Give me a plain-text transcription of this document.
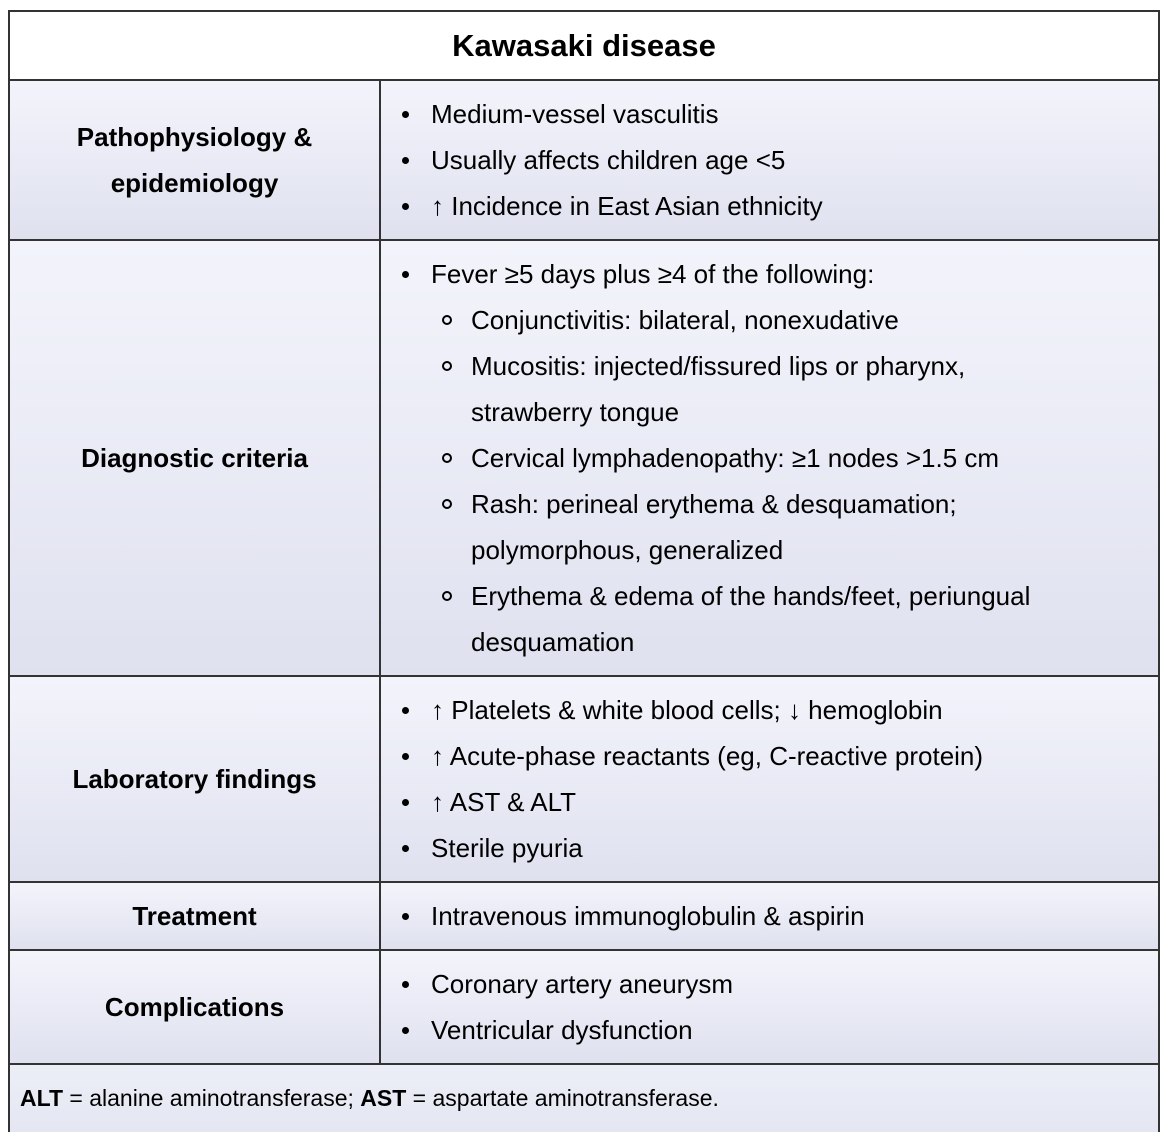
Kawasaki disease
Pathophysiology & epidemiology
Medium-vessel vasculitis
Usually affects children age <5
↑ Incidence in East Asian ethnicity
Diagnostic criteria
Fever ≥5 days plus ≥4 of the following:
Conjunctivitis: bilateral, nonexudative
Mucositis: injected/fissured lips or pharynx, strawberry tongue
Cervical lymphadenopathy: ≥1 nodes >1.5 cm
Rash: perineal erythema & desquamation; polymorphous, generalized
Erythema & edema of the hands/feet, periungual desquamation
Laboratory findings
↑ Platelets & white blood cells; ↓ hemoglobin
↑ Acute-phase reactants (eg, C-reactive protein)
↑ AST & ALT
Sterile pyuria
Treatment	Intravenous immunoglobulin & aspirin
Complications
Coronary artery aneurysm
Ventricular dysfunction
ALT = alanine aminotransferase; AST = aspartate aminotransferase.
